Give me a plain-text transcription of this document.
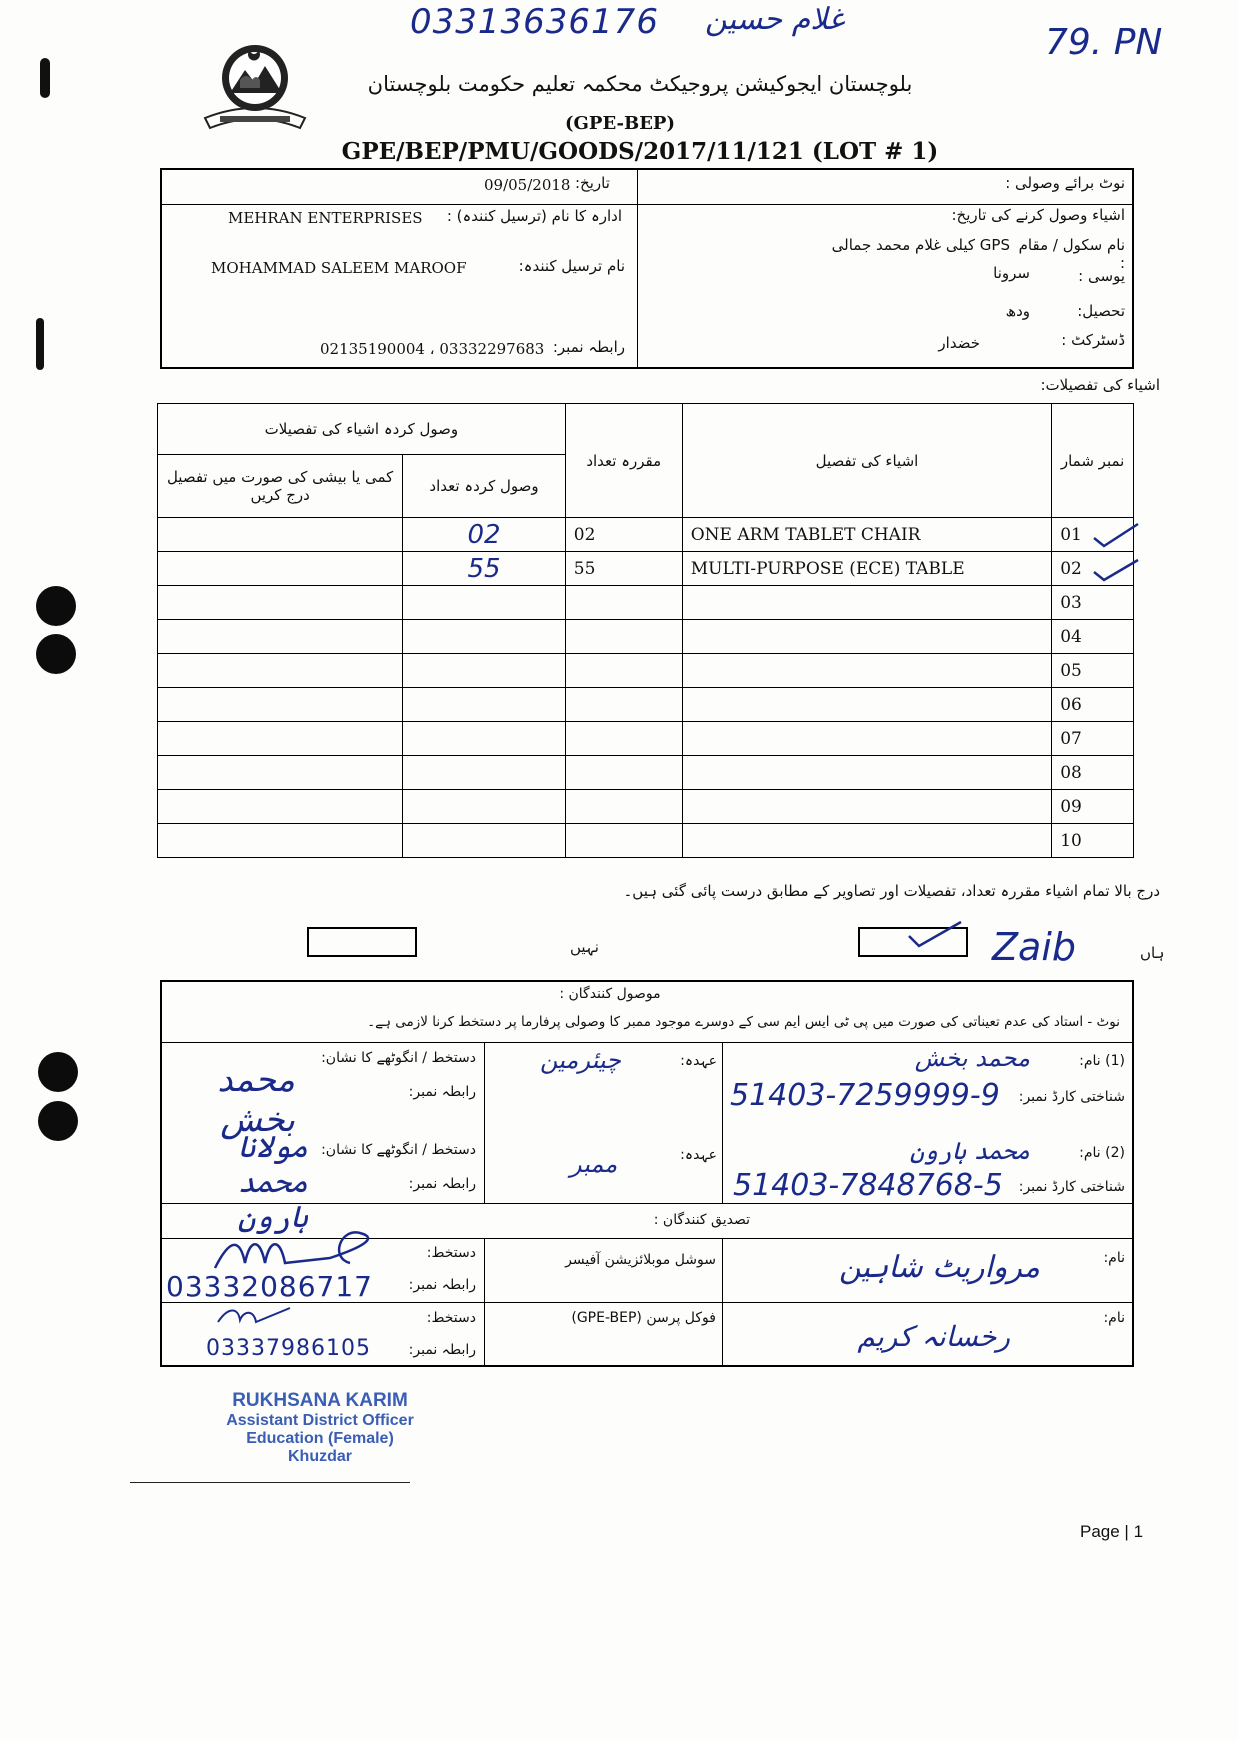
03313636176 غلام حسین
79. PN
بلوچستان ایجوکیشن پروجیکٹ محکمہ تعلیم حکومت بلوچستان
(GPE-BEP)
GPE/BEP/PMU/GOODS/2017/11/121 (LOT # 1)
09/05/2018 تاریخ:	نوٹ برائے وصولی :
ادارہ کا نام (ترسیل کنندہ) :
MEHRAN ENTERPRISES
نام ترسیل کنندہ:
MOHAMMAD SALEEM MAROOF
رابطہ نمبر:
02135190004 ، 03332297683
اشیاء وصول کرنے کی تاریخ:
نام سکول / مقام :
GPS کیلی غلام محمد جمالی
یوسی :
سرونا
تحصیل:
ودھ
ڈسٹرکٹ :
خضدار
اشیاء کی تفصیلات:
وصول کردہ اشیاء کی تفصیلات		مقررہ تعداد	اشیاء کی تفصیل	نمبر شمار
کمی یا بیشی کی صورت میں تفصیل درج کریں	وصول کردہ تعداد			
	02	02	ONE ARM TABLET CHAIR	01
	55	55	MULTI-PURPOSE (ECE) TABLE	02
				03
				04
				05
				06
				07
				08
				09
				10
درج بالا تمام اشیاء مقررہ تعداد، تفصیلات اور تصاویر کے مطابق درست پائی گئی ہیں۔
نہیں	Zaib	ہاں
موصول کنندگان :
نوٹ - استاد کی عدم تعیناتی کی صورت میں پی ٹی ایس ایم سی کے دوسرے موجود ممبر کا وصولی پرفارما پر دستخط کرنا لازمی ہے۔
(1) نام:
محمد بخش
شناختی کارڈ نمبر:
51403-7259999-9
عہدہ:
چیئرمین
دستخط / انگوٹھے کا نشان:
رابطہ نمبر:
محمد بخش
(2) نام:
محمد ہارون
شناختی کارڈ نمبر:
51403-7848768-5
عہدہ:
ممبر
دستخط / انگوٹھے کا نشان:
رابطہ نمبر:
مولانا محمد ہارون	تصدیق کنندگان :
نام:
مرواریٹ شاہین
سوشل موبلائزیشن آفیسر
دستخط:
رابطہ نمبر:
03332086717
نام:
رخسانہ کریم
فوکل پرسن (GPE-BEP)
دستخط:
رابطہ نمبر:
03337986105
RUKHSANA KARIM
Assistant District Officer
Education (Female)
Khuzdar
Page | 1
